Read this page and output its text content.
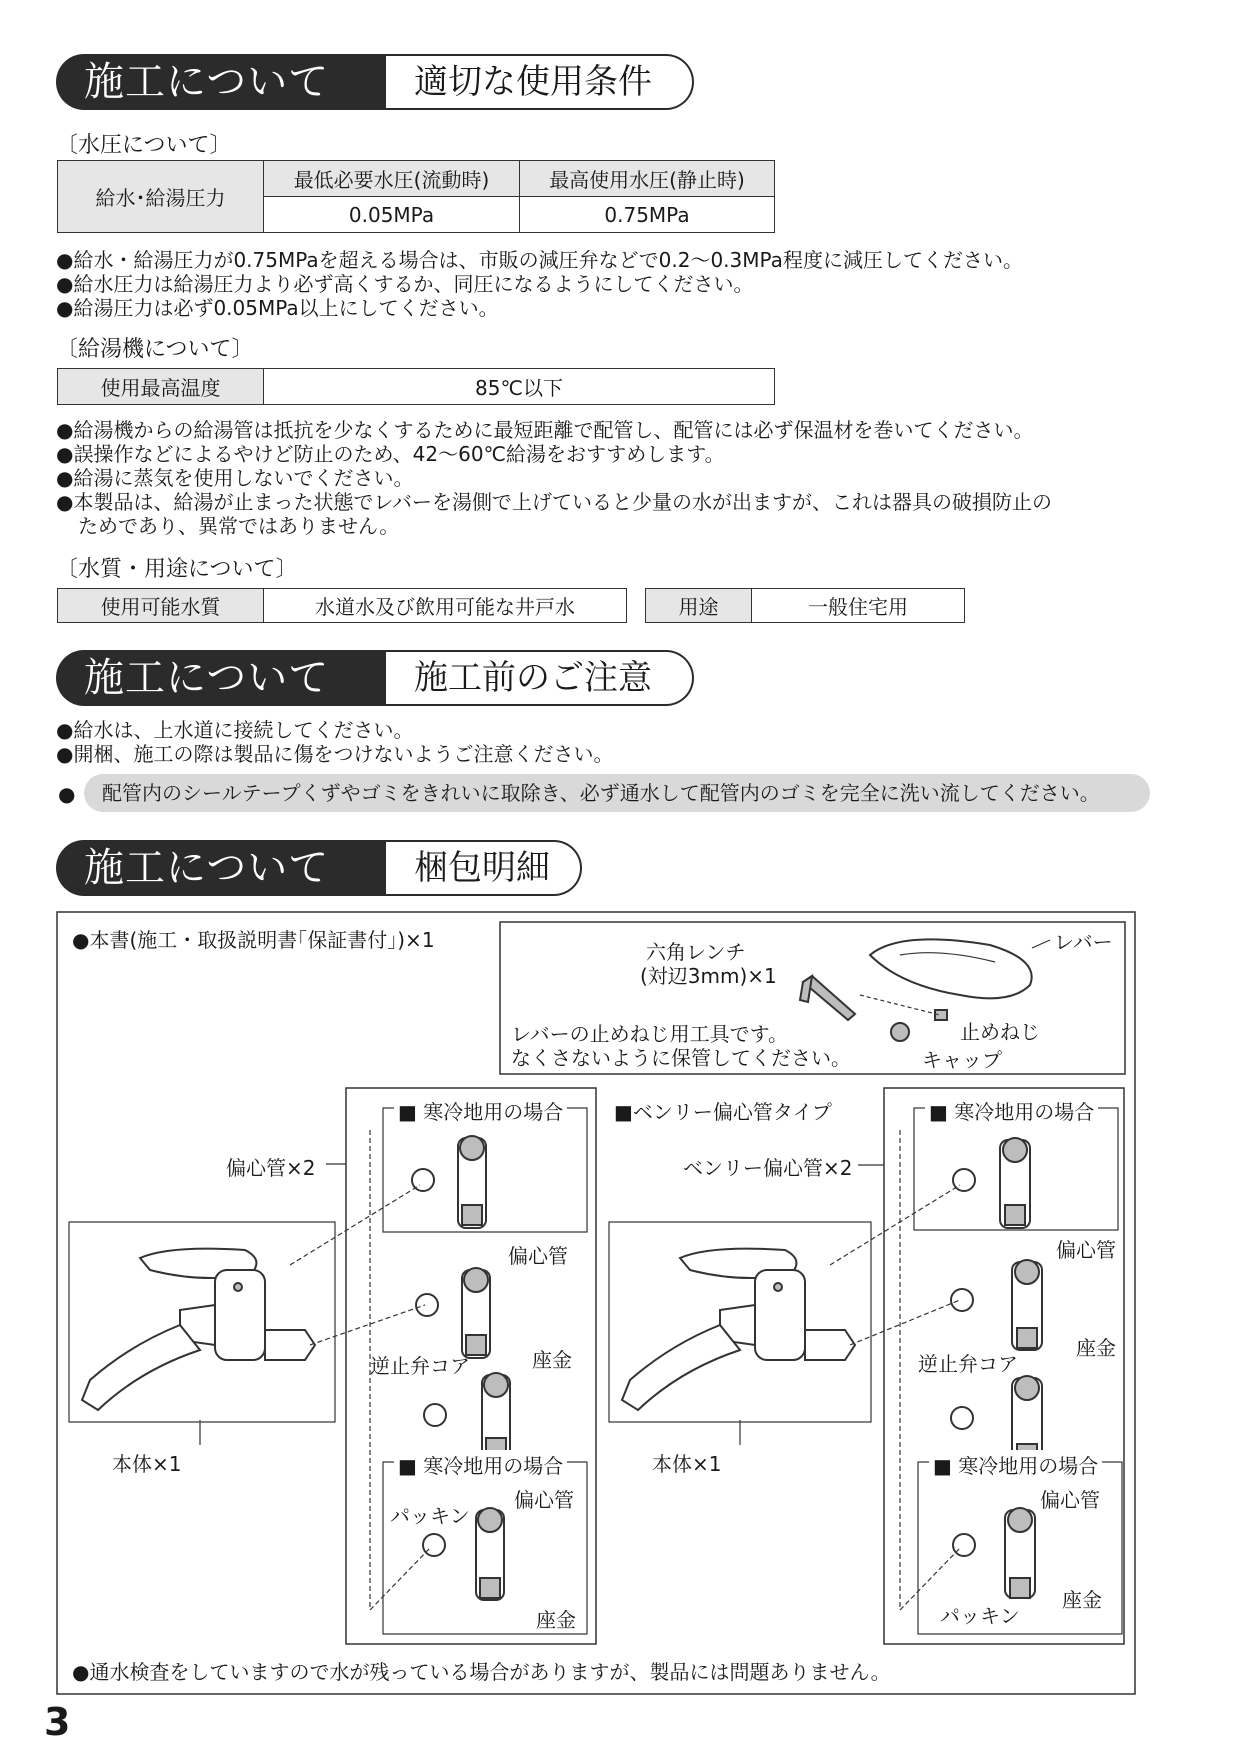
施工について	適切な使用条件
〔水圧について〕
給水･給湯圧力	最低必要水圧(流動時)	最高使用水圧(静止時)
	0.05MPa	0.75MPa
●給水・給湯圧力が0.75MPaを超える場合は、市販の減圧弁などで0.2～0.3MPa程度に減圧してください。
●給水圧力は給湯圧力より必ず高くするか、同圧になるようにしてください。
●給湯圧力は必ず0.05MPa以上にしてください。
〔給湯機について〕
使用最高温度	85℃以下
●給湯機からの給湯管は抵抗を少なくするために最短距離で配管し、配管には必ず保温材を巻いてください。
●誤操作などによるやけど防止のため、42～60℃給湯をおすすめします。
●給湯に蒸気を使用しないでください。
●本製品は、給湯が止まった状態でレバーを湯側で上げていると少量の水が出ますが、これは器具の破損防止の
ためであり、異常ではありません。
〔水質・用途について〕
使用可能水質	水道水及び飲用可能な井戸水	用途	一般住宅用
施工について	施工前のご注意
●給水は、上水道に接続してください。
●開梱、施工の際は製品に傷をつけないようご注意ください。
●	配管内のシールテープくずやゴミをきれいに取除き、必ず通水して配管内のゴミを完全に洗い流してください。
施工について	梱包明細
●本書(施工・取扱説明書｢保証書付｣)×1	六角レンチ
(対辺3mm)×1
レバーの止めねじ用工具です。
なくさないように保管してください。
レバー
止めねじ
キャップ
偏心管×2
■ベンリー偏心管タイプ
ベンリー偏心管×2
■ 寒冷地用の場合
■ 寒冷地用の場合
■ 寒冷地用の場合
■ 寒冷地用の場合
偏心管
逆止弁コア	座金
パッキン
偏心管
座金
偏心管
逆止弁コア
座金
偏心管
パッキン
座金
本体×1	本体×1
●通水検査をしていますので水が残っている場合がありますが、製品には問題ありません。
3
